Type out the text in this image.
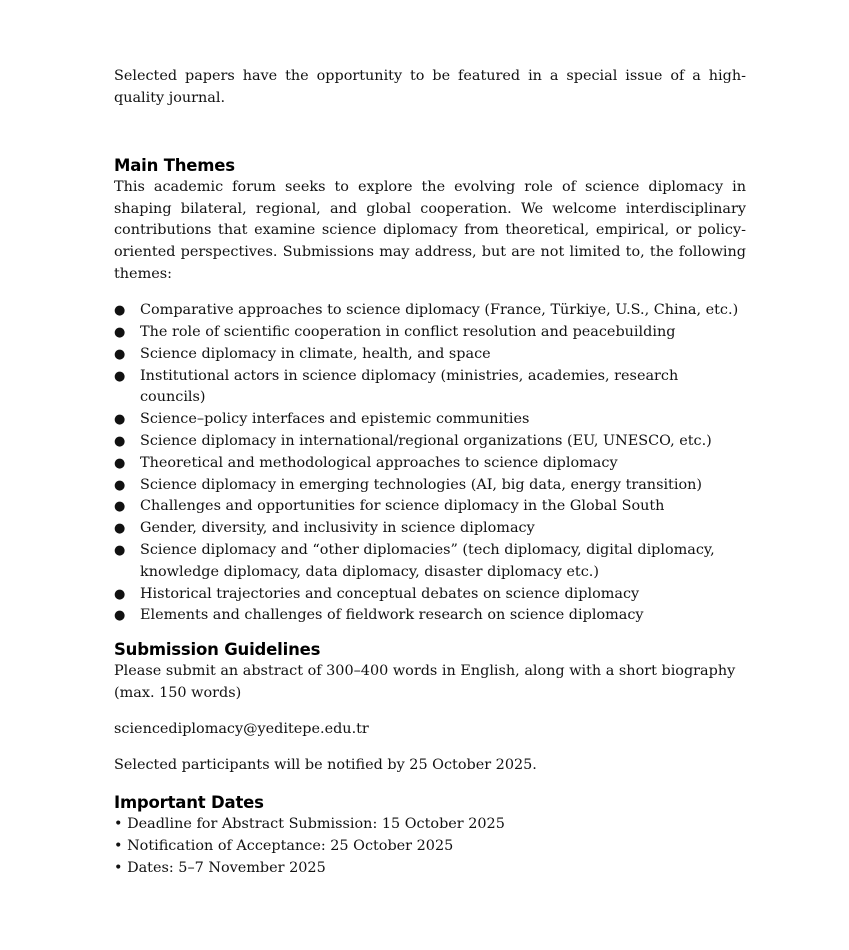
Selected papers have the opportunity to be featured in a special issue of a high-quality journal.

Main Themes

This academic forum seeks to explore the evolving role of science diplomacy in shaping bilateral, regional, and global cooperation. We welcome interdisciplinary contributions that examine science diplomacy from theoretical, empirical, or policy-oriented perspectives. Submissions may address, but are not limited to, the following themes:

● Comparative approaches to science diplomacy (France, Türkiye, U.S., China, etc.)
● The role of scientific cooperation in conflict resolution and peacebuilding
● Science diplomacy in climate, health, and space
● Institutional actors in science diplomacy (ministries, academies, research councils)
● Science–policy interfaces and epistemic communities
● Science diplomacy in international/regional organizations (EU, UNESCO, etc.)
● Theoretical and methodological approaches to science diplomacy
● Science diplomacy in emerging technologies (AI, big data, energy transition)
● Challenges and opportunities for science diplomacy in the Global South
● Gender, diversity, and inclusivity in science diplomacy
● Science diplomacy and “other diplomacies” (tech diplomacy, digital diplomacy, knowledge diplomacy, data diplomacy, disaster diplomacy etc.)
● Historical trajectories and conceptual debates on science diplomacy
● Elements and challenges of fieldwork research on science diplomacy
Submission Guidelines

Please submit an abstract of 300–400 words in English, along with a short biography (max. 150 words)

sciencediplomacy@yeditepe.edu.tr

Selected participants will be notified by 25 October 2025.

Important Dates

• Deadline for Abstract Submission: 15 October 2025

• Notification of Acceptance: 25 October 2025

• Dates: 5–7 November 2025
